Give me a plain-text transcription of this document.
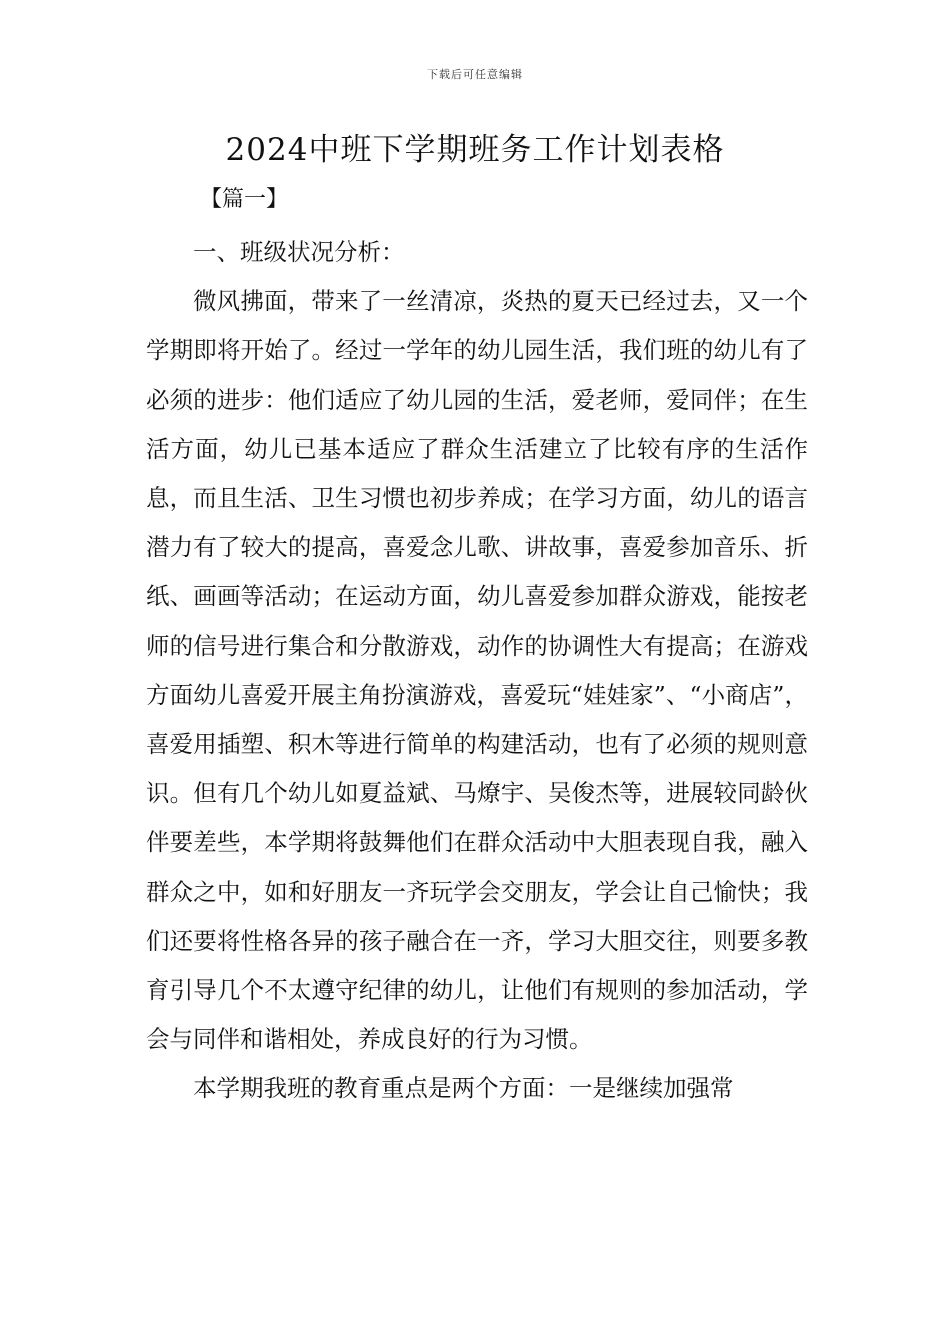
下载后可任意编辑
2024中班下学期班务工作计划表格
【篇一】

一、班级状况分析：

微风拂面，带来了一丝清凉，炎热的夏天已经过去，又一个学期即将开始了。经过一学年的幼儿园生活，我们班的幼儿有了必须的进步：他们适应了幼儿园的生活，爱老师，爱同伴；在生活方面，幼儿已基本适应了群众生活建立了比较有序的生活作息，而且生活、卫生习惯也初步养成；在学习方面，幼儿的语言潜力有了较大的提高，喜爱念儿歌、讲故事，喜爱参加音乐、折纸、画画等活动；在运动方面，幼儿喜爱参加群众游戏，能按老师的信号进行集合和分散游戏，动作的协调性大有提高；在游戏方面幼儿喜爱开展主角扮演游戏，喜爱玩“娃娃家”、“小商店”，喜爱用插塑、积木等进行简单的构建活动，也有了必须的规则意识。但有几个幼儿如夏益斌、马燎宇、吴俊杰等，进展较同龄伙伴要差些，本学期将鼓舞他们在群众活动中大胆表现自我，融入群众之中，如和好朋友一齐玩学会交朋友，学会让自己愉快；我们还要将性格各异的孩子融合在一齐，学习大胆交往，则要多教育引导几个不太遵守纪律的幼儿，让他们有规则的参加活动，学会与同伴和谐相处，养成良好的行为习惯。

本学期我班的教育重点是两个方面：一是继续加强常
